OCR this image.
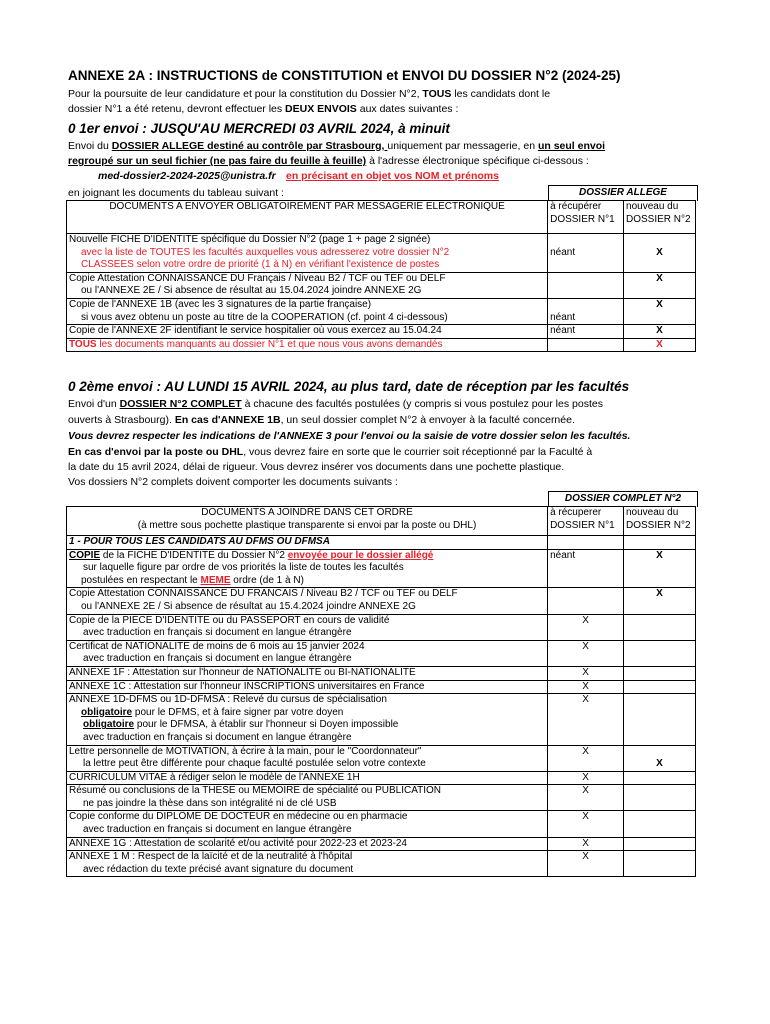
ANNEXE 2A : INSTRUCTIONS de CONSTITUTION et ENVOI DU DOSSIER N°2 (2024-25)
Pour la poursuite de leur candidature et pour la constitution du Dossier N°2, TOUS les candidats dont le
dossier N°1 a été retenu, devront effectuer les DEUX ENVOIS aux dates suivantes :
0 1er envoi : JUSQU'AU MERCREDI 03 AVRIL 2024, à minuit
Envoi du DOSSIER ALLEGE destiné au contrôle par Strasbourg, uniquement par messagerie, en un seul envoi
regroupé sur un seul fichier (ne pas faire du feuille à feuille) à l'adresse électronique spécifique ci-dessous :
med-dossier2-2024-2025@unistra.fr en précisant en objet vos NOM et prénoms
en joignant les documents du tableau suivant :	DOSSIER ALLEGE
DOCUMENTS A ENVOYER OBLIGATOIREMENT PAR MESSAGERIE ELECTRONIQUE	à récupérer
DOSSIER N°1	nouveau du
DOSSIER N°2
Nouvelle FICHE D'IDENTITE spécifique du Dossier N°2 (page 1 + page 2 signée)
avec la liste de TOUTES les facultés auxquelles vous adresserez votre dossier N°2
CLASSEES selon votre ordre de priorité (1 à N) en vérifiant l'existence de postes	néant	X
Copie Attestation CONNAISSANCE DU Français / Niveau B2 / TCF ou TEF ou DELF
ou l'ANNEXE 2E / Si absence de résultat au 15.04.2024 joindre ANNEXE 2G		X
Copie de l'ANNEXE 1B (avec les 3 signatures de la partie française)
si vous avez obtenu un poste au titre de la COOPERATION (cf. point 4 ci-dessous)	néant	X
Copie de l'ANNEXE 2F identifiant le service hospitalier où vous exercez au 15.04.24	néant	X
TOUS les documents manquants au dossier N°1 et que nous vous avons demandés		X
0 2ème envoi : AU LUNDI 15 AVRIL 2024, au plus tard, date de réception par les facultés
Envoi d'un DOSSIER N°2 COMPLET à chacune des facultés postulées (y compris si vous postulez pour les postes
ouverts à Strasbourg). En cas d'ANNEXE 1B, un seul dossier complet N°2 à envoyer à la faculté concernée.
Vous devrez respecter les indications de l'ANNEXE 3 pour l'envoi ou la saisie de votre dossier selon les facultés.
En cas d'envoi par la poste ou DHL, vous devrez faire en sorte que le courrier soit réceptionné par la Faculté à
la date du 15 avril 2024, délai de rigueur. Vous devrez insérer vos documents dans une pochette plastique.
Vos dossiers N°2 complets doivent comporter les documents suivants :
DOSSIER COMPLET N°2
DOCUMENTS A JOINDRE DANS CET ORDRE
(à mettre sous pochette plastique transparente si envoi par la poste ou DHL)	à récuperer
DOSSIER N°1	nouveau du
DOSSIER N°2
1 - POUR TOUS LES CANDIDATS AU DFMS OU DFMSA		
COPIE de la FICHE D'IDENTITE du Dossier N°2 envoyée pour le dossier allégé
sur laquelle figure par ordre de vos priorités la liste de toutes les facultés
postulées en respectant le MEME ordre (de 1 à N)	néant	X
Copie Attestation CONNAISSANCE DU FRANCAIS / Niveau B2 / TCF ou TEF ou DELF
ou l'ANNEXE 2E / Si absence de résultat au 15.4.2024 joindre ANNEXE 2G		X
Copie de la PIECE D'IDENTITE ou du PASSEPORT en cours de validité
avec traduction en français si document en langue étrangère	X	
Certificat de NATIONALITE de moins de 6 mois au 15 janvier 2024
avec traduction en français si document en langue étrangère	X	
ANNEXE 1F : Attestation sur l'honneur de NATIONALITE ou BI-NATIONALITE	X	
ANNEXE 1C : Attestation sur l'honneur INSCRIPTIONS universitaires en France	X	
ANNEXE 1D-DFMS ou 1D-DFMSA : Relevé du cursus de spécialisation
obligatoire pour le DFMS, et à faire signer par votre doyen
obligatoire pour le DFMSA, à établir sur l'honneur si Doyen impossible
avec traduction en français si document en langue étrangère	X	
Lettre personnelle de MOTIVATION, à écrire à la main, pour le "Coordonnateur"
la lettre peut être différente pour chaque faculté postulée selon votre contexte	X	X
CURRICULUM VITAE à rédiger selon le modèle de l'ANNEXE 1H	X	
Résumé ou conclusions de la THESE ou MÉMOIRE de spécialité ou PUBLICATION
ne pas joindre la thèse dans son intégralité ni de clé USB	X	
Copie conforme du DIPLÔME DE DOCTEUR en médecine ou en pharmacie
avec traduction en français si document en langue étrangère	X	
ANNEXE 1G : Attestation de scolarité et/ou activité pour 2022-23 et 2023-24	X	
ANNEXE 1 M : Respect de la laïcité et de la neutralité à l'hôpital
avec rédaction du texte précisé avant signature du document	X	
